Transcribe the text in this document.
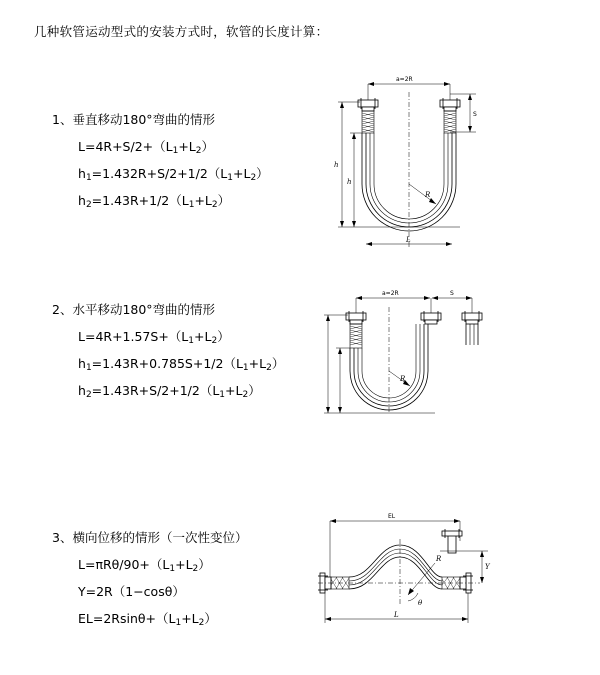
几种软管运动型式的安装方式时，软管的长度计算：
1、垂直移动180°弯曲的情形
$L=4R+S/2+(L_1+L_2)$
$h_1=1.432R+S/2+1/2(L_1+L_2)$
$h_2=1.43R+1/2(L_1+L_2)$
a=2R
S
R
h
h
L
2、水平移动180°弯曲的情形
$L=4R+1.57S+(L_1+L_2)$
$h_1=1.43R+0.785S+1/2(L_1+L_2)$
$h_2=1.43R+S/2+1/2(L_1+L_2)$
a=2R	S
R
3、横向位移的情形（一次性变位）
$L=\pi R\theta/90+(L_1+L_2)$
Y=2R（1−cosθ）
$EL=2Rsin\theta+(L_1+L_2)$
EL
Y
R
θ
L
